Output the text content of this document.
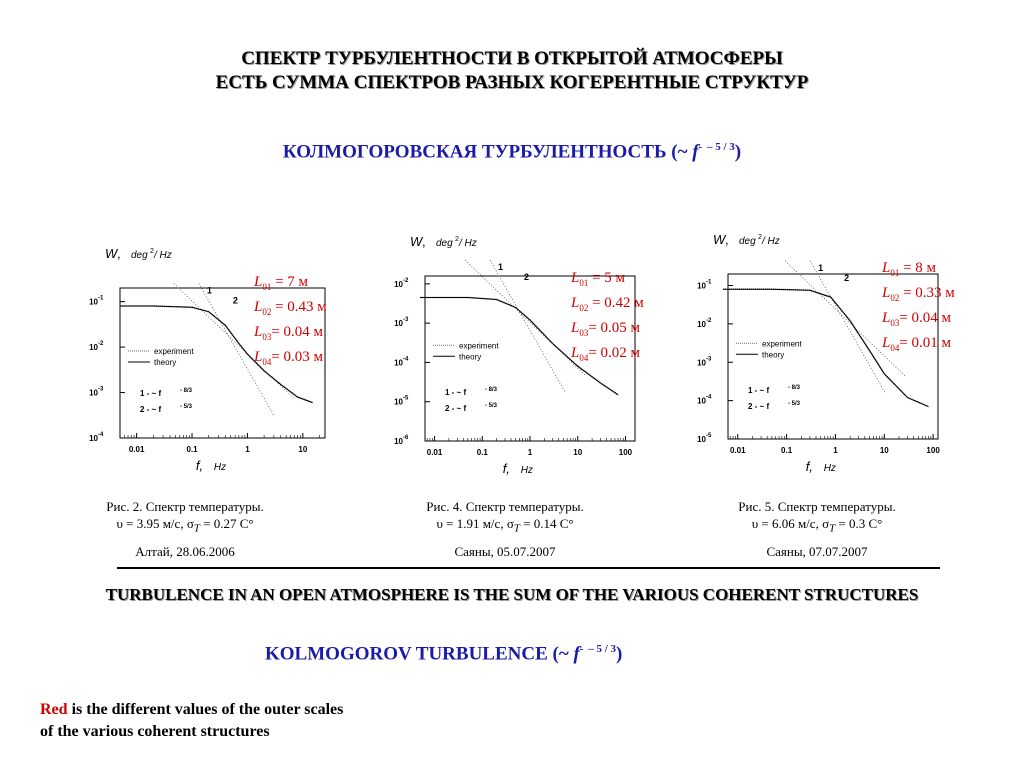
СПЕКТР ТУРБУЛЕНТНОСТИ В ОТКРЫТОЙ АТМОСФЕРЫ
ЕСТЬ СУММА СПЕКТРОВ РАЗНЫХ КОГЕРЕНТНЫЕ СТРУКТУР
КОЛМОГОРОВСКАЯ ТУРБУЛЕНТНОСТЬ (~ f- $^{- 5 / 3}$)
W , deg 2 / Hz
f, Hz
0.01	0.1	1	10
10 -1
10 -2
10 -3
10 -4
1
2
experiment
theory
1 - ~ f	- 8/3
2 - ~ f	- 5/3
W , deg 2 / Hz
f, Hz
0.01	0.1	1	10	100
10 -2
10 -3
10 -4
10 -5
10 -6
1
2
experiment
theory
1 - ~ f	- 8/3
2 - ~ f	- 5/3
W , deg 2 / Hz
f, Hz
0.01	0.1	1	10	100
10 -1
10 -2
10 -3
10 -4
10 -5
1
2
experiment
theory
1 - ~ f	- 8/3
2 - ~ f	- 5/3
$L_{01} = 7$ м
$L_{02} = 0.43$ м
$L_{03}= 0.04$ м
$L_{04}= 0.03$ м
$L_{01} = 5$ м
$L_{02} = 0.42$ м
$L_{03}= 0.05$ м
$L_{04}= 0.02$ м
$L_{01} = 8$ м
$L_{02} = 0.33$ м
$L_{03}= 0.04$ м
$L_{04}= 0.01$ м
Рис. 2. Спектр температуры.
υ = 3.95 м/с, $\sigma_T = 0.27$ C°
Алтай, 28.06.2006
Рис. 4. Спектр температуры.
υ = 1.91 м/с, $\sigma_T = 0.14$ C°
Саяны, 05.07.2007
Рис. 5. Спектр температуры.
υ = 6.06 м/с, $\sigma_T = 0.3$ C°
Саяны, 07.07.2007
TURBULENCE IN AN OPEN ATMOSPHERE IS THE SUM OF THE VARIOUS COHERENT STRUCTURES
KOLMOGOROV TURBULENCE (~ f- $^{- 5 / 3}$)
Red is the different values of the outer scales
of the various coherent structures
